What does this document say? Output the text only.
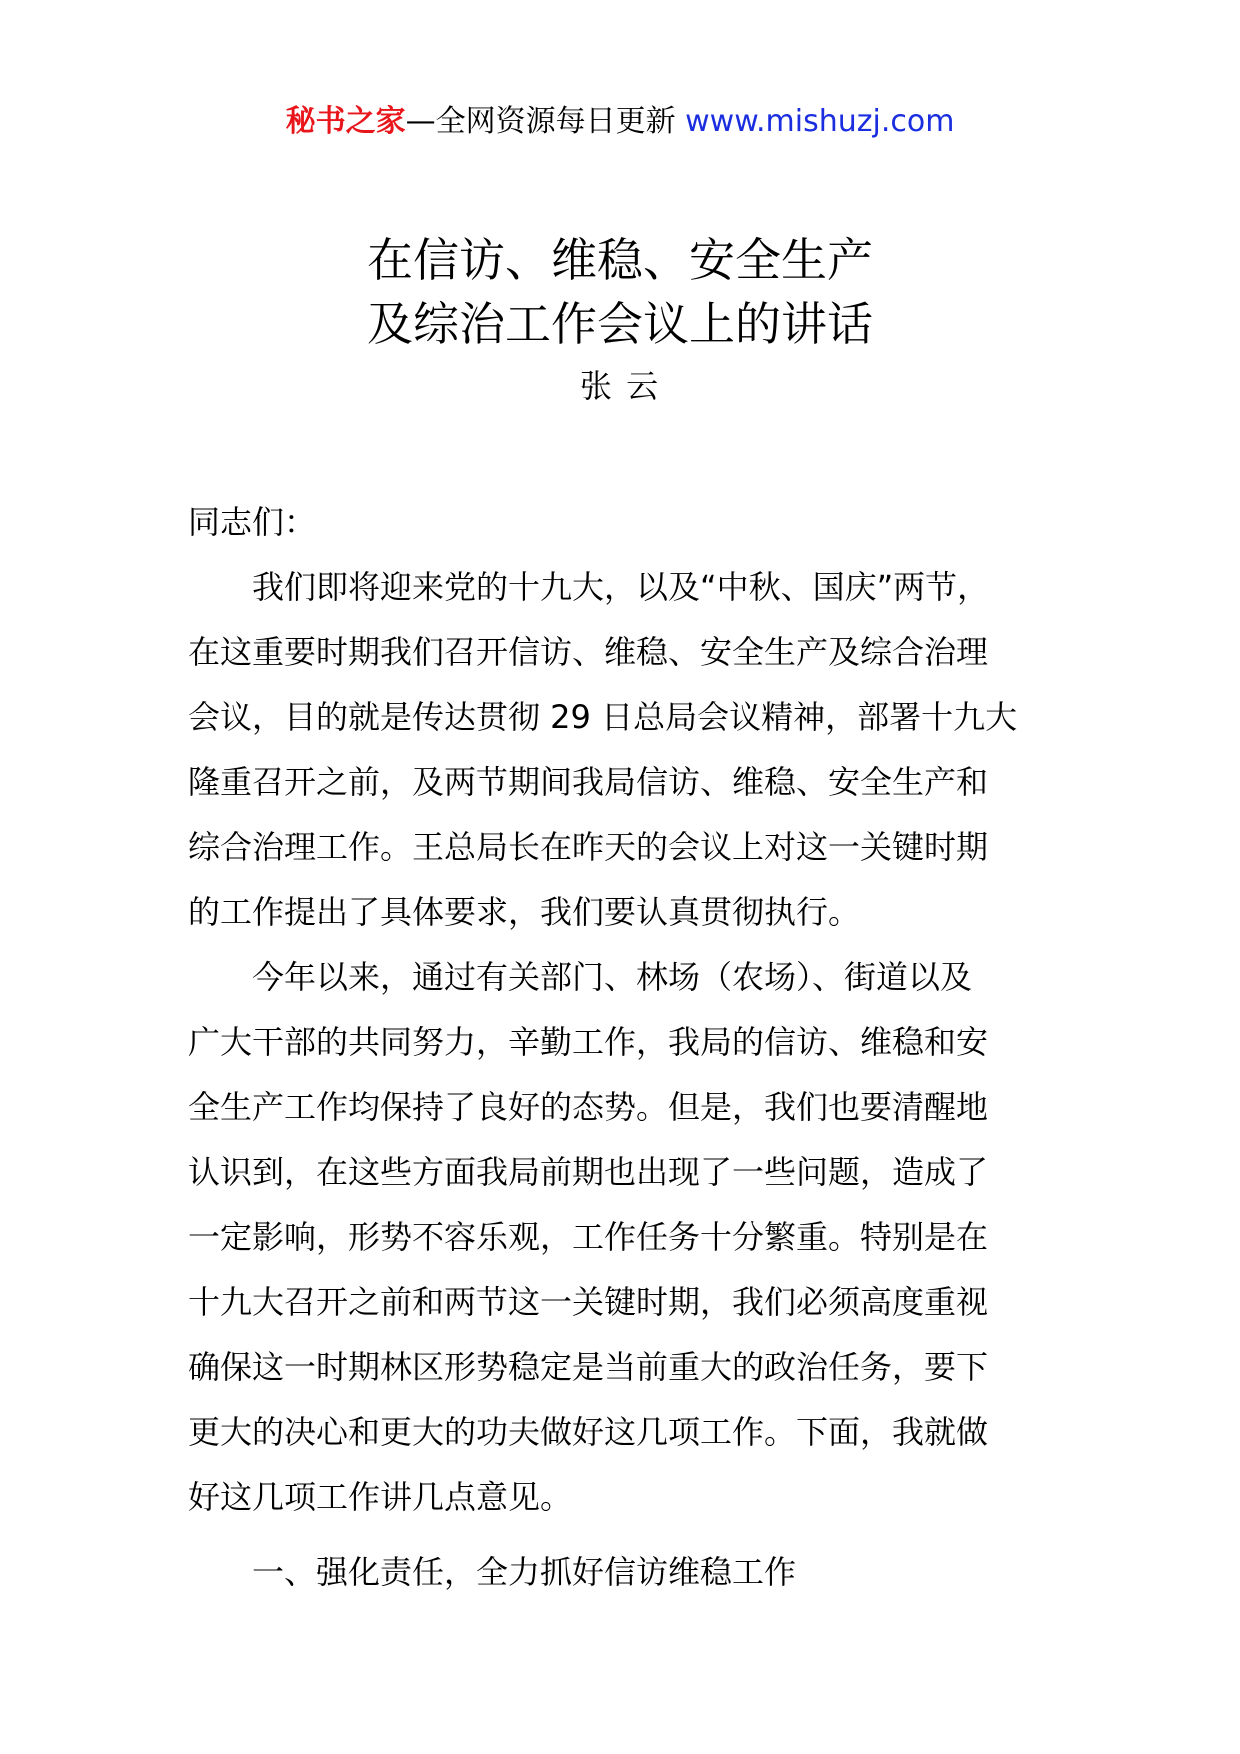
秘书之家—全网资源每日更新 www.mishuzj.com
在信访、维稳、安全生产
及综治工作会议上的讲话
张 云

同志们：

我们即将迎来党的十九大，以及“中秋、国庆”两节，
在这重要时期我们召开信访、维稳、安全生产及综合治理
会议，目的就是传达贯彻 29 日总局会议精神，部署十九大
隆重召开之前，及两节期间我局信访、维稳、安全生产和
综合治理工作。王总局长在昨天的会议上对这一关键时期
的工作提出了具体要求，我们要认真贯彻执行。

今年以来，通过有关部门、林场（农场）、街道以及
广大干部的共同努力，辛勤工作，我局的信访、维稳和安
全生产工作均保持了良好的态势。但是，我们也要清醒地
认识到，在这些方面我局前期也出现了一些问题，造成了
一定影响，形势不容乐观，工作任务十分繁重。特别是在
十九大召开之前和两节这一关键时期，我们必须高度重视
确保这一时期林区形势稳定是当前重大的政治任务，要下
更大的决心和更大的功夫做好这几项工作。下面，我就做
好这几项工作讲几点意见。

一、强化责任，全力抓好信访维稳工作
